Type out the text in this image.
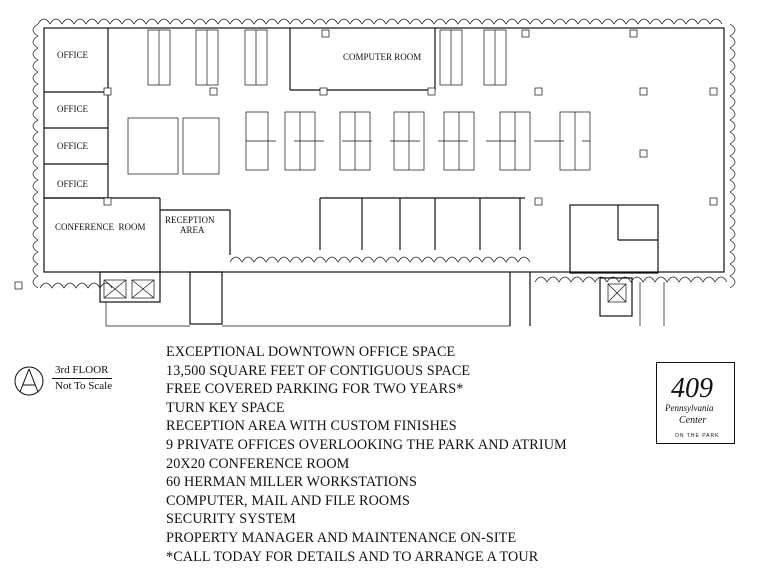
OFFICE
OFFICE
OFFICE
OFFICE
CONFERENCE  ROOM
RECEPTION
AREA
COMPUTER ROOM
3rd FLOOR
Not To Scale
EXCEPTIONAL DOWNTOWN OFFICE SPACE
13,500 SQUARE FEET OF CONTIGUOUS SPACE
FREE COVERED PARKING FOR TWO YEARS*
TURN KEY SPACE
RECEPTION AREA WITH CUSTOM FINISHES
9 PRIVATE OFFICES OVERLOOKING THE PARK AND ATRIUM
20X20 CONFERENCE ROOM
60 HERMAN MILLER WORKSTATIONS
COMPUTER, MAIL AND FILE ROOMS
SECURITY SYSTEM
PROPERTY MANAGER AND MAINTENANCE ON-SITE
*CALL TODAY FOR DETAILS AND TO ARRANGE A TOUR
409
Pennsylvania
Center
ON THE PARK
